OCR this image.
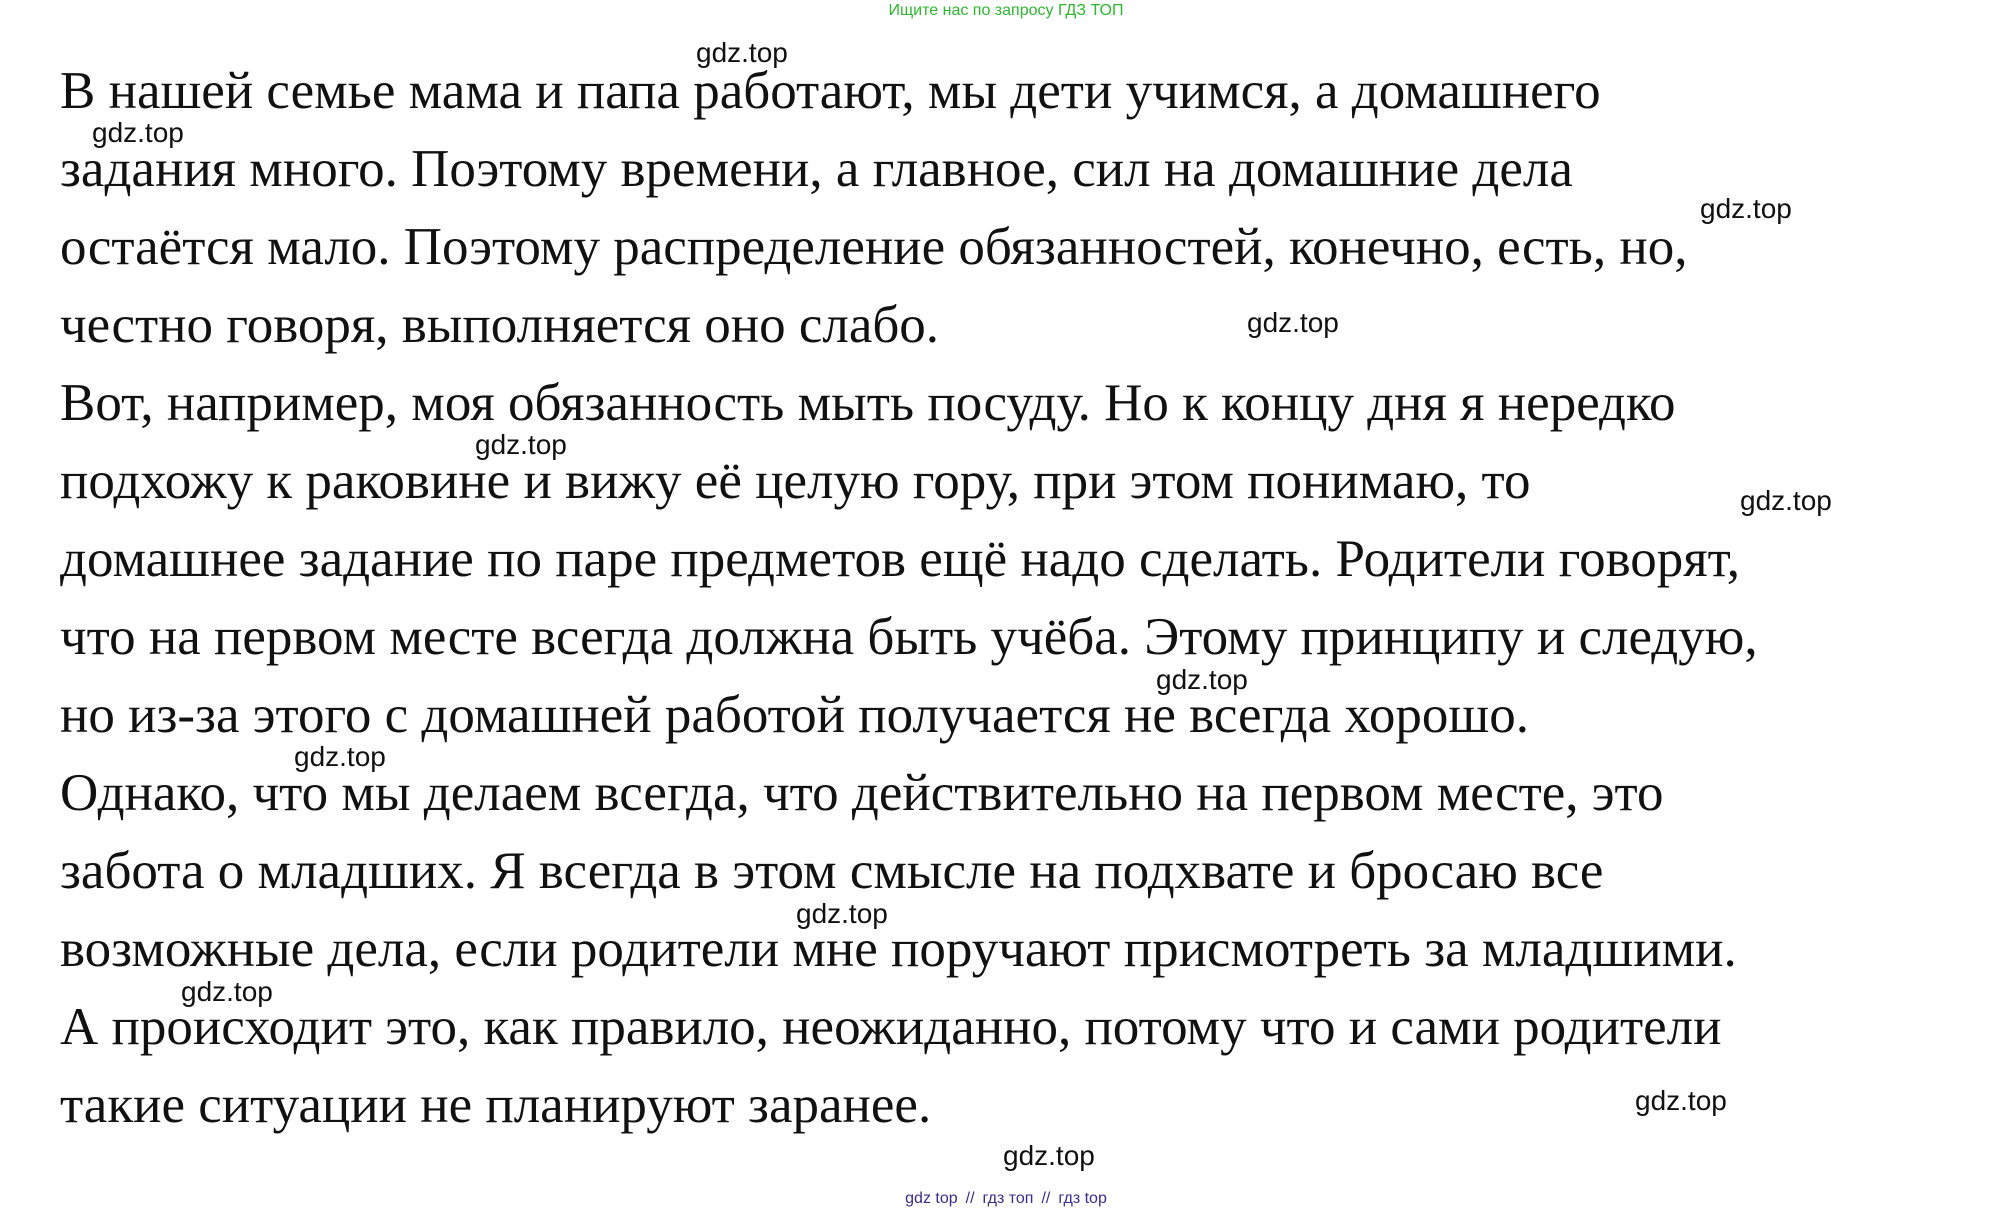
Ищите нас по запросу ГДЗ ТОП
В нашей семье мама и папа работают, мы дети учимся, а домашнего
задания много. Поэтому времени, а главное, сил на домашние дела
остаётся мало. Поэтому распределение обязанностей, конечно, есть, но,
честно говоря, выполняется оно слабо.
Вот, например, моя обязанность мыть посуду. Но к концу дня я нередко
подхожу к раковине и вижу её целую гору, при этом понимаю, то
домашнее задание по паре предметов ещё надо сделать. Родители говорят,
что на первом месте всегда должна быть учёба. Этому принципу и следую,
но из-за этого с домашней работой получается не всегда хорошо.
Однако, что мы делаем всегда, что действительно на первом месте, это
забота о младших. Я всегда в этом смысле на подхвате и бросаю все
возможные дела, если родители мне поручают присмотреть за младшими.
А происходит это, как правило, неожиданно, потому что и сами родители
такие ситуации не планируют заранее.
gdz.top
gdz.top
gdz.top
gdz.top
gdz.top
gdz.top
gdz.top
gdz.top
gdz.top
gdz.top
gdz.top
gdz.top
gdz top // гдз топ // гдз top
